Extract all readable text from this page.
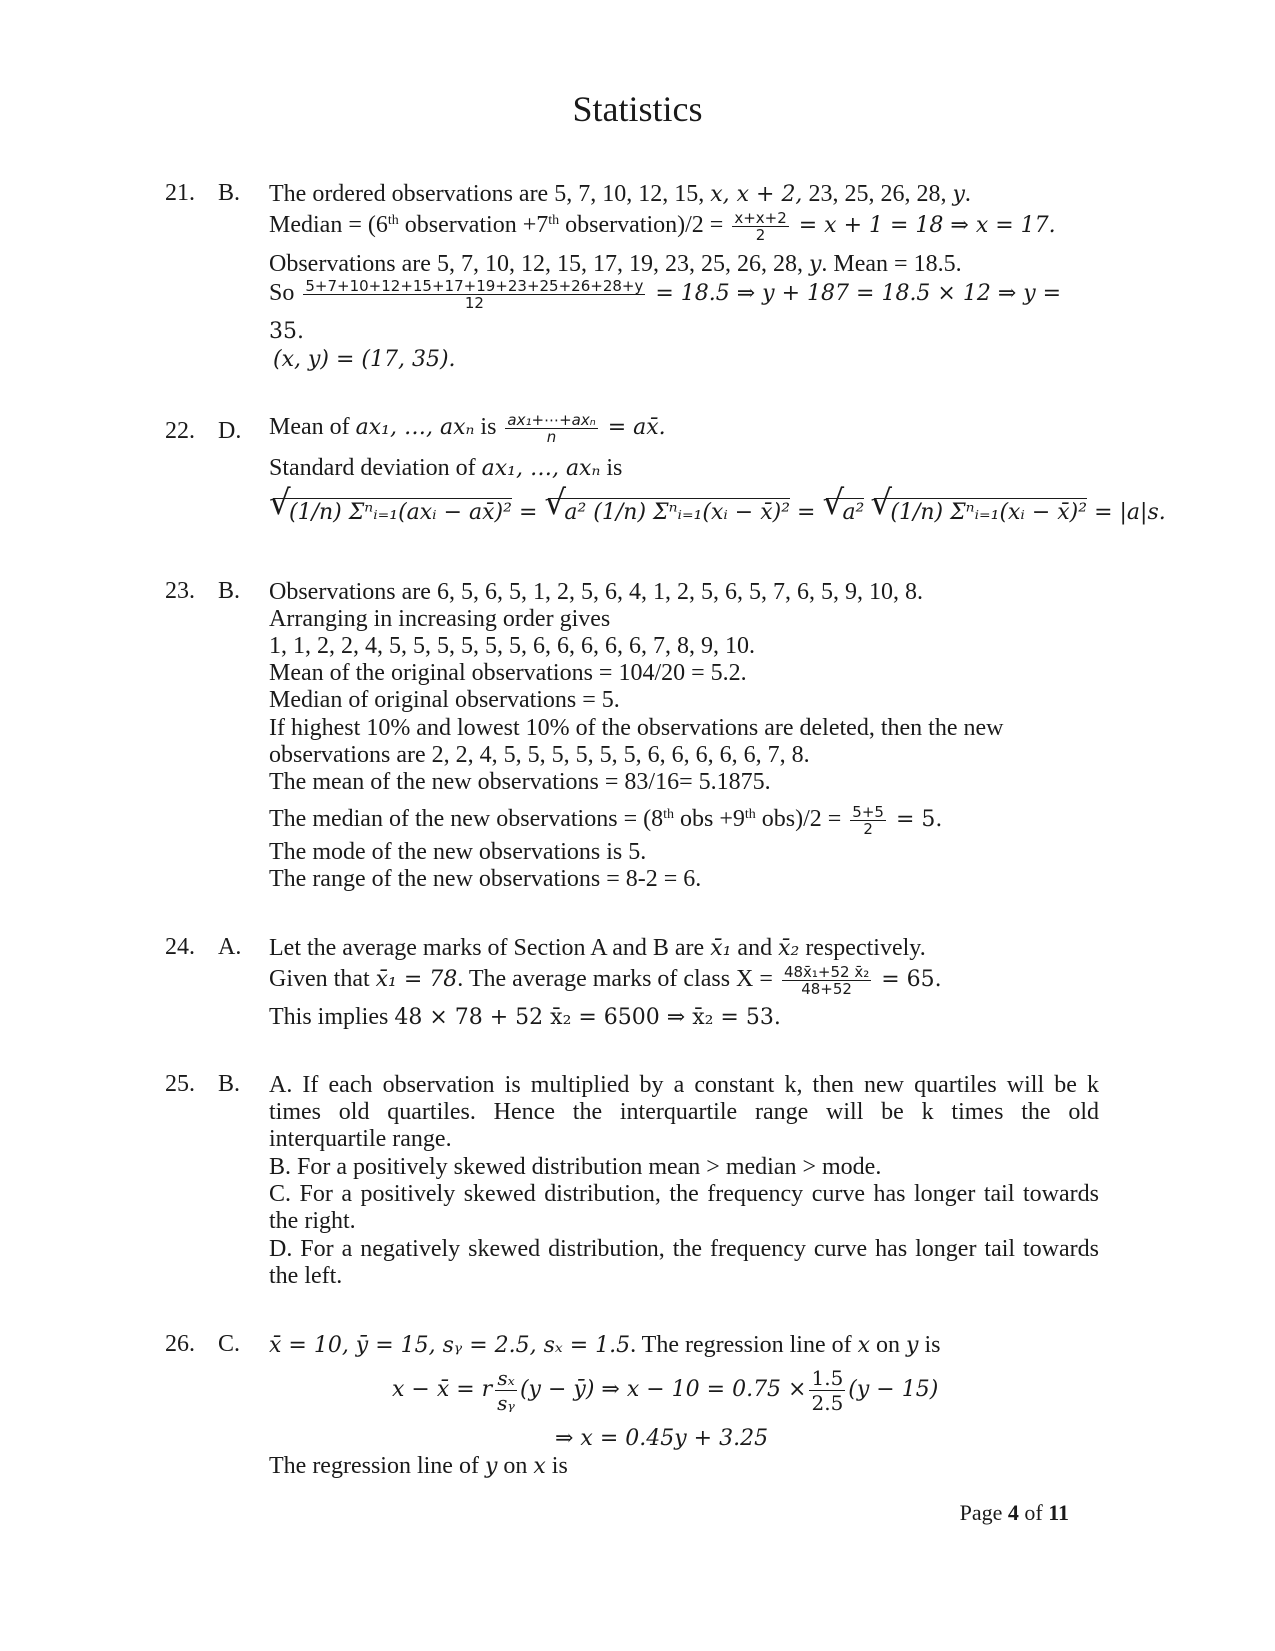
Statistics
21. B. The ordered observations are 5, 7, 10, 12, 15, x, x + 2, 23, 25, 26, 28, y.
Median = (6th observation +7th observation)/2 = $\frac{x+x+2}{2} = x + 1 = 18$ ⇒ x = 17.
Observations are 5, 7, 10, 12, 15, 17, 19, 23, 25, 26, 28, y. Mean = 18.5.
So $\frac{5+7+10+12+15+17+19+23+25+26+28+y}{12} = 18.5$ ⇒ y + 187 = 18.5 × 12 ⇒ y =
35.
(x, y) = (17, 35).
22. D. Mean of ax₁, …, axₙ is $\frac{\text{ax₁+⋯+axₙ}}{n}$ = ax̄.
Standard deviation of ax₁, …, axₙ is
√ (1/n) Σⁿᵢ₌₁(axᵢ − ax̄)² = √ a² (1/n) Σⁿᵢ₌₁(xᵢ − x̄)² = √ a² √ (1/n) Σⁿᵢ₌₁(xᵢ − x̄)² = |a|s.
23. B. Observations are 6, 5, 6, 5, 1, 2, 5, 6, 4, 1, 2, 5, 6, 5, 7, 6, 5, 9, 10, 8.
Arranging in increasing order gives
1, 1, 2, 2, 4, 5, 5, 5, 5, 5, 5, 6, 6, 6, 6, 6, 7, 8, 9, 10.
Mean of the original observations = 104/20 = 5.2.
Median of original observations = 5.
If highest 10% and lowest 10% of the observations are deleted, then the new
observations are 2, 2, 4, 5, 5, 5, 5, 5, 5, 6, 6, 6, 6, 6, 7, 8.
The mean of the new observations = 83/16= 5.1875.
The median of the new observations = (8th obs +9th $obs)/2 = \frac{5+5}{2} = 5$.
The mode of the new observations is 5.
The range of the new observations = 8-2 = 6.
24. A. Let the average marks of Section A and B are x̄₁ and x̄₂ respectively.
Given that x̄₁ = 78. The average marks of class $X = \frac{\text{48x̄₁+52 x̄₂}}{48+52} = 65$.
This implies 48 × 78 + 52 x̄₂ = 6500 ⇒ x̄₂ = 53.
25. B. A. If each observation is multiplied by a constant k, then new quartiles will be k
times old quartiles. Hence the interquartile range will be k times the old
interquartile range.
B. For a positively skewed distribution mean > median > mode.
C. For a positively skewed distribution, the frequency curve has longer tail towards
the right.
D. For a negatively skewed distribution, the frequency curve has longer tail towards
the left.
26. C. x̄ = 10, ȳ = 15, sᵧ = 2.5, sₓ = 1.5. The regression line of x on y is
x − x̄ = r $\frac{\text{sₓ}}{\text{sᵧ}} (y$ − ȳ) ⇒ $x - 10 = 0.75 \times \frac{1.5}{2.5} (y - 15)$
⇒ x = 0.45y + 3.25
The regression line of y on x is
Page 4 of 11
